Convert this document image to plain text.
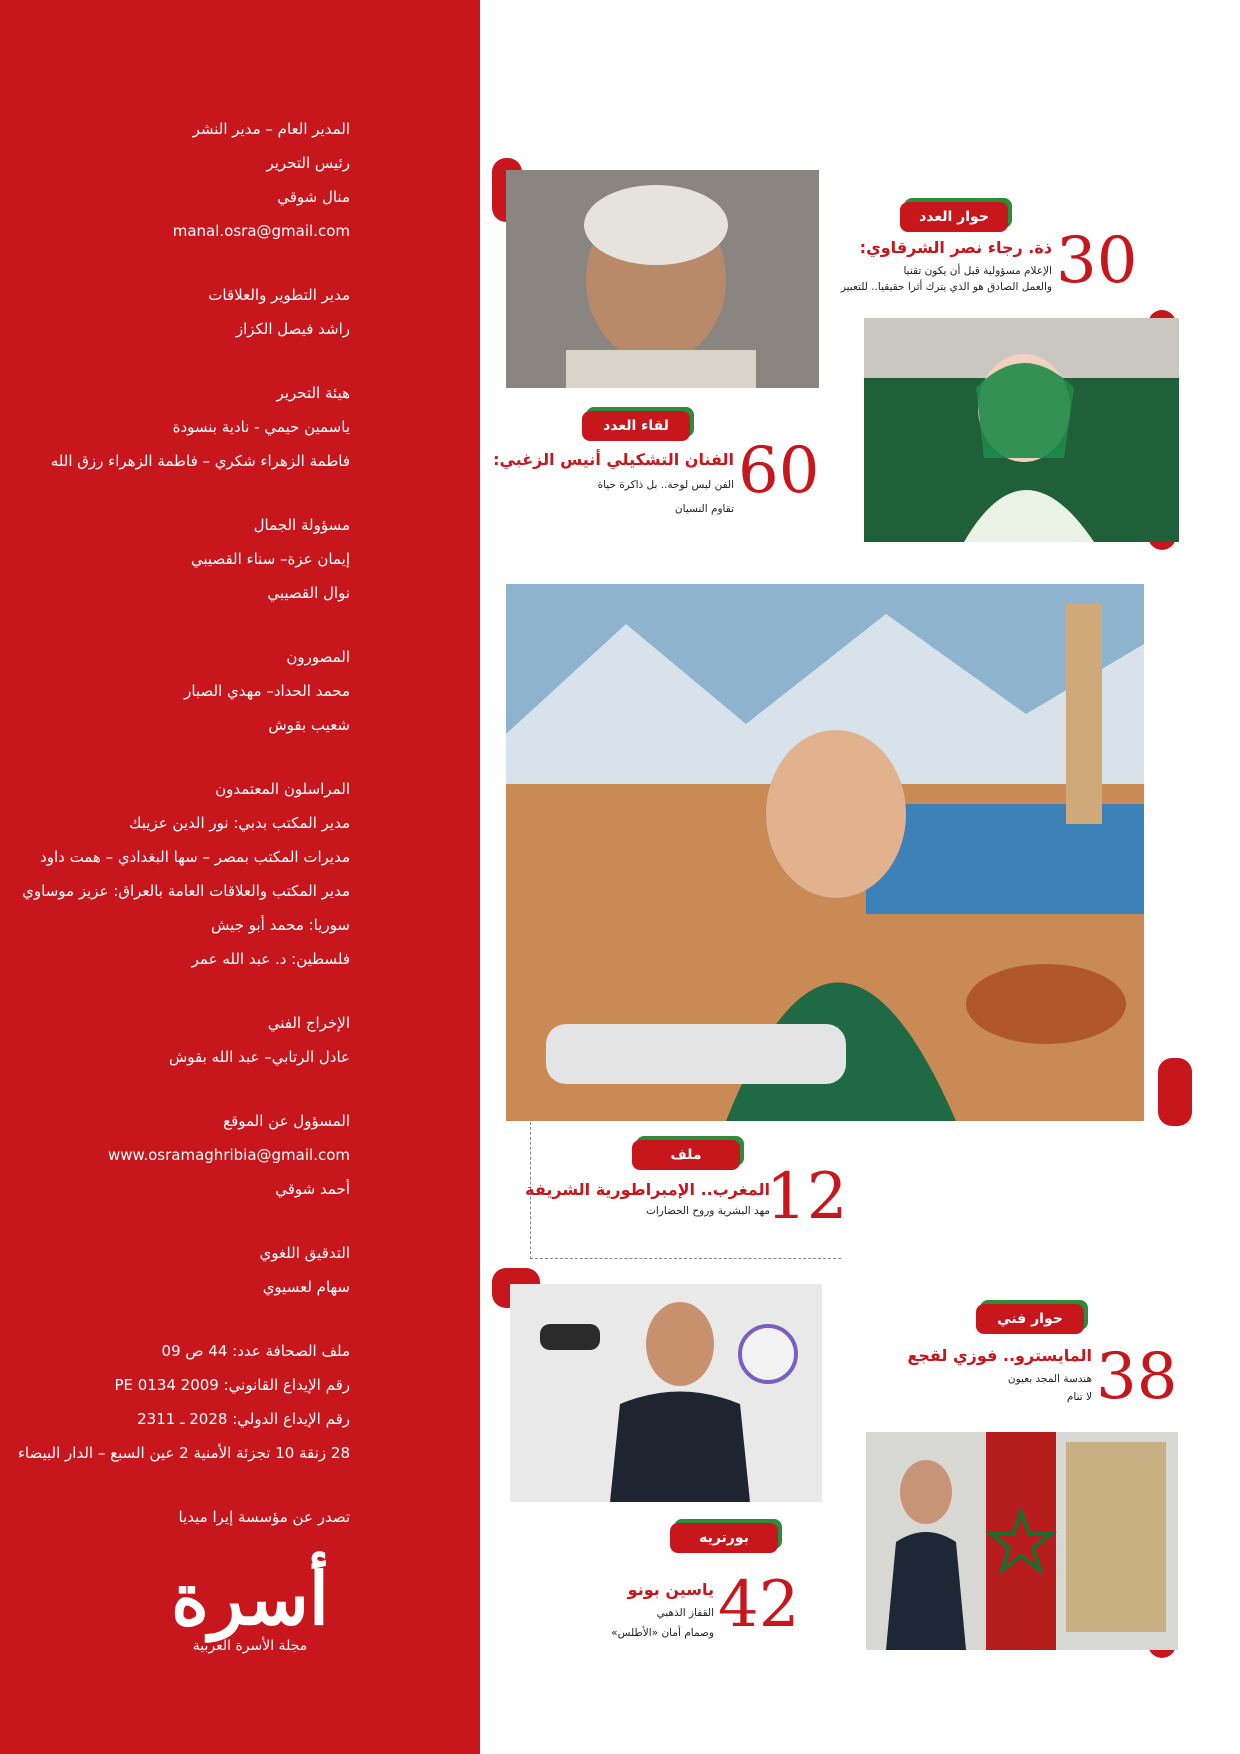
المدير العام – مدير النشر
رئيس التحرير
منال شوقي
manal.osra@gmail.com
مدير التطوير والعلاقات
راشد فيصل الكزاز
هيئة التحرير
ياسمين حيمي - نادية بنسودة
فاطمة الزهراء شكري – فاطمة الزهراء رزق الله
مسؤولة الجمال
إيمان عزة– سناء القصيبي
نوال القصيبي
المصورون
محمد الحداد– مهدي الصبار
شعيب بقوش
المراسلون المعتمدون
مدير المكتب بدبي: نور الدين عزيبك
مديرات المكتب بمصر – سها البغدادي – همت داود
مدير المكتب والعلاقات العامة بالعراق: عزيز موساوي
سوريا: محمد أبو جيش
فلسطين: د. عبد الله عمر
الإخراج الفني
عادل الرتابي– عبد الله بقوش
المسؤول عن الموقع
www.osramaghribia@gmail.com
أحمد شوقي
التدقيق اللغوي
سهام لعسيوي
ملف الصحافة عدد: 44 ص 09
رقم الإيداع القانوني: PE 0134 2009
رقم الإيداع الدولي: 2028 ـ 2311
28 زنقة 10 تجزئة الأمنية 2 عين السبع – الدار البيضاء
تصدر عن مؤسسة إيرا ميديا
أسرة
مجلة الأسرة العربية
حوار العدد
30
ذة. رجاء نصر الشرقاوي:
الإعلام مسؤولية قبل أن يكون تقنيا
والعمل الصادق هو الذي يترك أثرا حقيقيا.. للتعبير
لقاء العدد
60
الفنان التشكيلي أنيس الزغبي:
الفن ليس لوحة.. بل ذاكرة حياة
تقاوم النسيان
ملف
12
المغرب.. الإمبراطورية الشريفة
مهد البشرية وروح الحضارات
حوار فني
38
المايسترو.. فوزي لقجع
هندسة المجد بعيون
لا تنام
بورتريه
42
ياسين بونو
القفاز الذهبي
وصمام أمان «الأطلس»
